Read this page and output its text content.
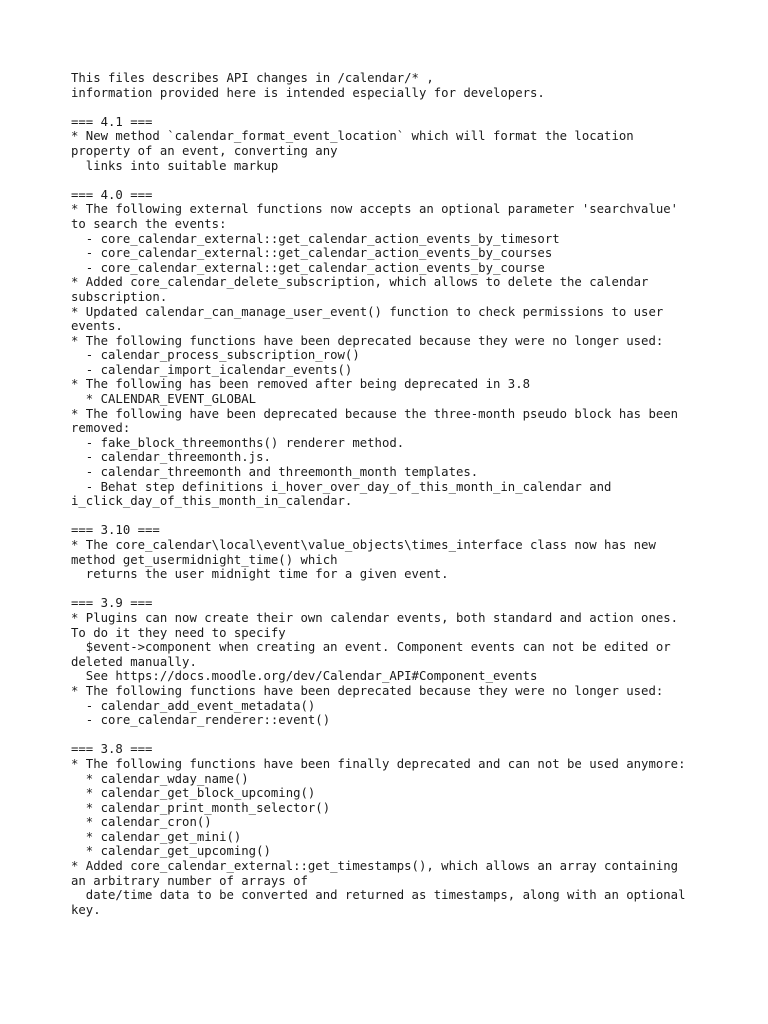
This files describes API changes in /calendar/* ,
information provided here is intended especially for developers.
=== 4.1 ===
* New method `calendar_format_event_location` which will format the location
property of an event, converting any
links into suitable markup
=== 4.0 ===
* The following external functions now accepts an optional parameter 'searchvalue'
to search the events:
- core_calendar_external::get_calendar_action_events_by_timesort
- core_calendar_external::get_calendar_action_events_by_courses
- core_calendar_external::get_calendar_action_events_by_course
* Added core_calendar_delete_subscription, which allows to delete the calendar
subscription.
* Updated calendar_can_manage_user_event() function to check permissions to user
events.
* The following functions have been deprecated because they were no longer used:
- calendar_process_subscription_row()
- calendar_import_icalendar_events()
* The following has been removed after being deprecated in 3.8
* CALENDAR_EVENT_GLOBAL
* The following have been deprecated because the three-month pseudo block has been
removed:
- fake_block_threemonths() renderer method.
- calendar_threemonth.js.
- calendar_threemonth and threemonth_month templates.
- Behat step definitions i_hover_over_day_of_this_month_in_calendar and
i_click_day_of_this_month_in_calendar.
=== 3.10 ===
* The core_calendar\local\event\value_objects\times_interface class now has new
method get_usermidnight_time() which
returns the user midnight time for a given event.
=== 3.9 ===
* Plugins can now create their own calendar events, both standard and action ones.
To do it they need to specify
$event->component when creating an event. Component events can not be edited or
deleted manually.
See https://docs.moodle.org/dev/Calendar_API#Component_events
* The following functions have been deprecated because they were no longer used:
- calendar_add_event_metadata()
- core_calendar_renderer::event()
=== 3.8 ===
* The following functions have been finally deprecated and can not be used anymore:
* calendar_wday_name()
* calendar_get_block_upcoming()
* calendar_print_month_selector()
* calendar_cron()
* calendar_get_mini()
* calendar_get_upcoming()
* Added core_calendar_external::get_timestamps(), which allows an array containing
an arbitrary number of arrays of
date/time data to be converted and returned as timestamps, along with an optional
key.
